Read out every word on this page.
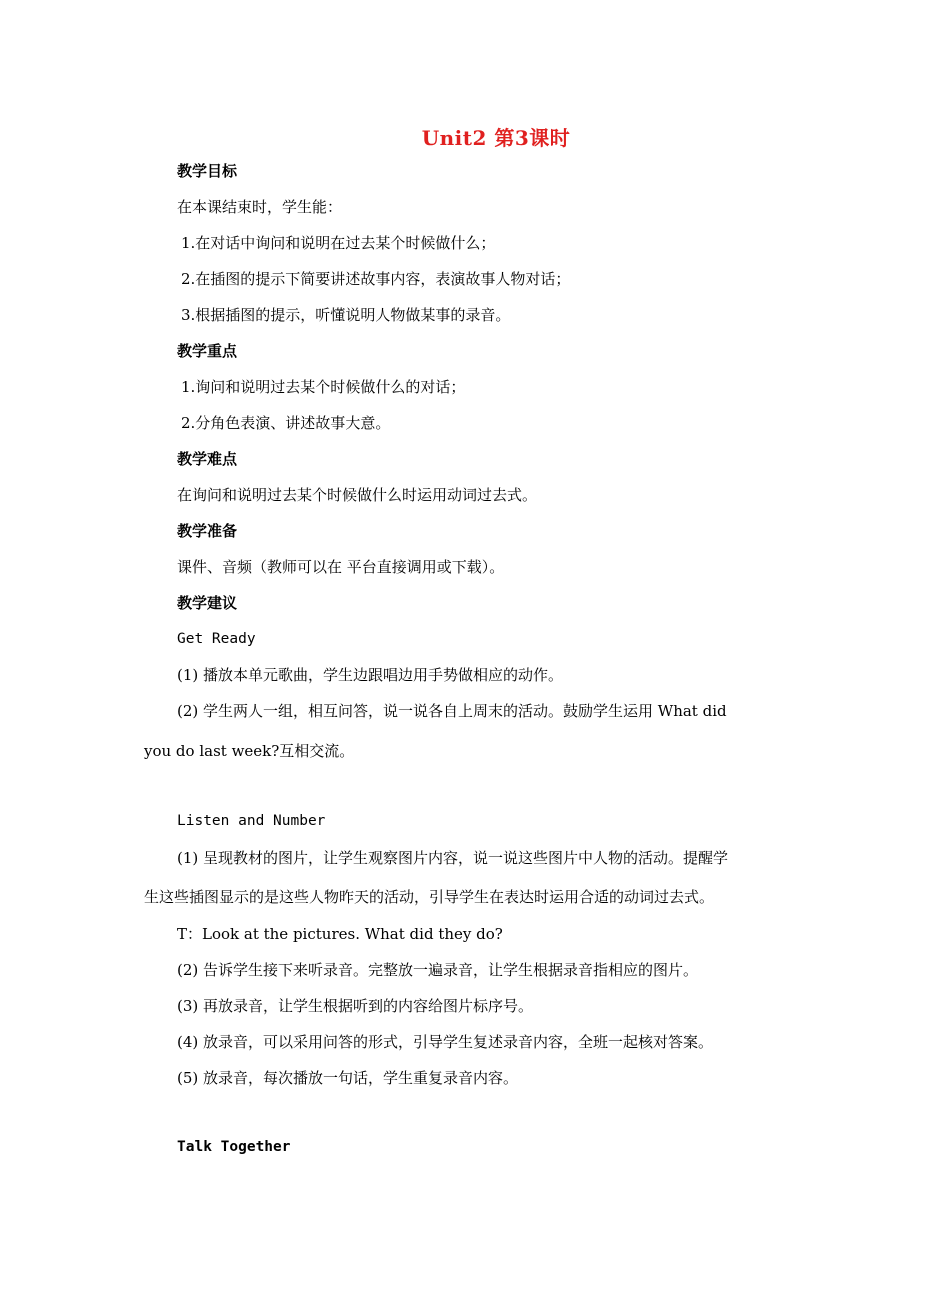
Unit2 第3课时
教学目标
在本课结束时，学生能：
1.在对话中询问和说明在过去某个时候做什么；
2.在插图的提示下简要讲述故事内容，表演故事人物对话；
3.根据插图的提示，听懂说明人物做某事的录音。
教学重点
1.询问和说明过去某个时候做什么的对话；
2.分角色表演、讲述故事大意。
教学难点
在询问和说明过去某个时候做什么时运用动词过去式。
教学准备
课件、音频（教师可以在 平台直接调用或下载）。
教学建议
Get Ready
(1) 播放本单元歌曲，学生边跟唱边用手势做相应的动作。
(2) 学生两人一组，相互问答，说一说各自上周末的活动。鼓励学生运用 What did
you do last week?互相交流。
Listen and Number
(1) 呈现教材的图片，让学生观察图片内容，说一说这些图片中人物的活动。提醒学
生这些插图显示的是这些人物昨天的活动，引导学生在表达时运用合适的动词过去式。
T：Look at the pictures. What did they do?
(2) 告诉学生接下来听录音。完整放一遍录音，让学生根据录音指相应的图片。
(3) 再放录音，让学生根据听到的内容给图片标序号。
(4) 放录音，可以采用问答的形式，引导学生复述录音内容，全班一起核对答案。
(5) 放录音，每次播放一句话，学生重复录音内容。
Talk Together
